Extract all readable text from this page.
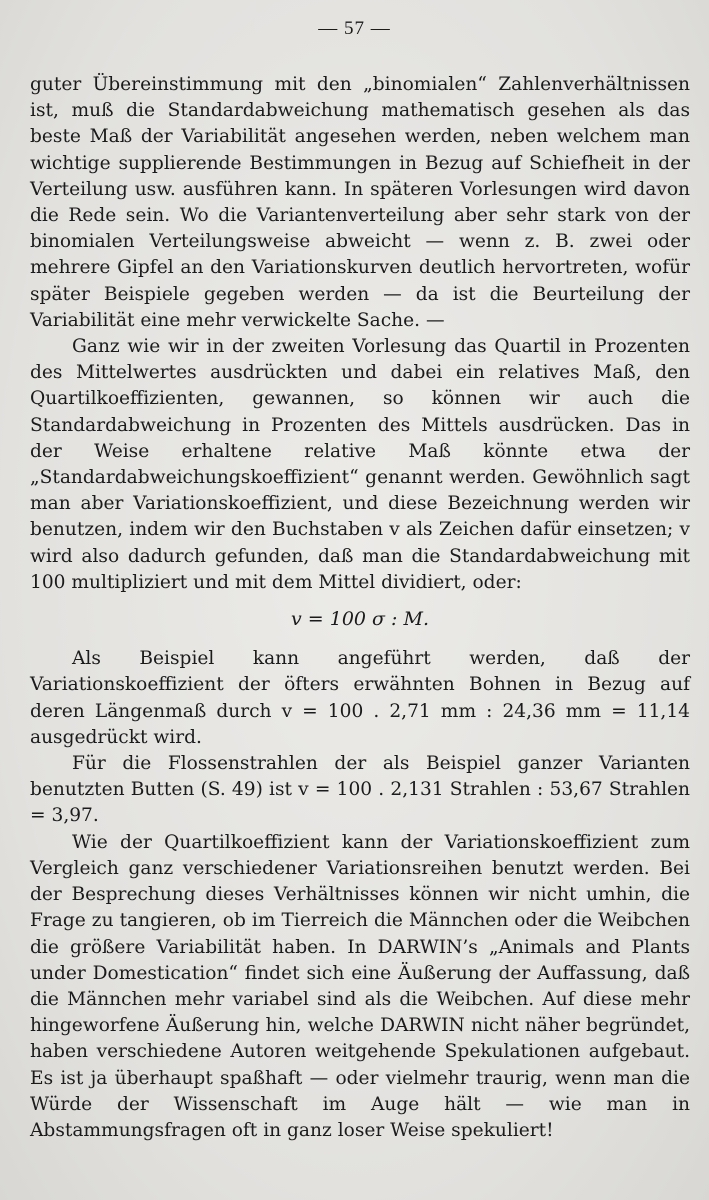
— 57 —

guter Übereinstimmung mit den „binomialen“ Zahlenverhältnissen ist, muß die Standardabweichung mathematisch gesehen als das beste Maß der Variabilität angesehen werden, neben welchem man wichtige supplierende Bestimmungen in Bezug auf Schiefheit in der Verteilung usw. ausführen kann. In späteren Vorlesungen wird davon die Rede sein. Wo die Variantenverteilung aber sehr stark von der binomialen Verteilungsweise abweicht — wenn z. B. zwei oder mehrere Gipfel an den Variationskurven deutlich hervortreten, wofür später Beispiele gegeben werden — da ist die Beurteilung der Variabilität eine mehr verwickelte Sache. —

Ganz wie wir in der zweiten Vorlesung das Quartil in Prozenten des Mittelwertes ausdrückten und dabei ein relatives Maß, den Quartilkoeffizienten, gewannen, so können wir auch die Standardabweichung in Prozenten des Mittels ausdrücken. Das in der Weise erhaltene relative Maß könnte etwa der „Standardabweichungskoeffizient“ genannt werden. Gewöhnlich sagt man aber Variationskoeffizient, und diese Bezeichnung werden wir benutzen, indem wir den Buchstaben v als Zeichen dafür einsetzen; v wird also dadurch gefunden, daß man die Standardabweichung mit 100 multipliziert und mit dem Mittel dividiert, oder:

v = 100 σ : M.

Als Beispiel kann angeführt werden, daß der Variationskoeffizient der öfters erwähnten Bohnen in Bezug auf deren Längenmaß durch v = 100 . 2,71 mm : 24,36 mm = 11,14 ausgedrückt wird.

Für die Flossenstrahlen der als Beispiel ganzer Varianten benutzten Butten (S. 49) ist v = 100 . 2,131 Strahlen : 53,67 Strahlen = 3,97.

Wie der Quartilkoeffizient kann der Variationskoeffizient zum Vergleich ganz verschiedener Variationsreihen benutzt werden. Bei der Besprechung dieses Verhältnisses können wir nicht umhin, die Frage zu tangieren, ob im Tierreich die Männchen oder die Weibchen die größere Variabilität haben. In DARWIN’s „Animals and Plants under Domestication“ findet sich eine Äußerung der Auffassung, daß die Männchen mehr variabel sind als die Weibchen. Auf diese mehr hingeworfene Äußerung hin, welche DARWIN nicht näher begründet, haben verschiedene Autoren weitgehende Spekulationen aufgebaut. Es ist ja überhaupt spaßhaft — oder vielmehr traurig, wenn man die Würde der Wissenschaft im Auge hält — wie man in Abstammungsfragen oft in ganz loser Weise spekuliert!
